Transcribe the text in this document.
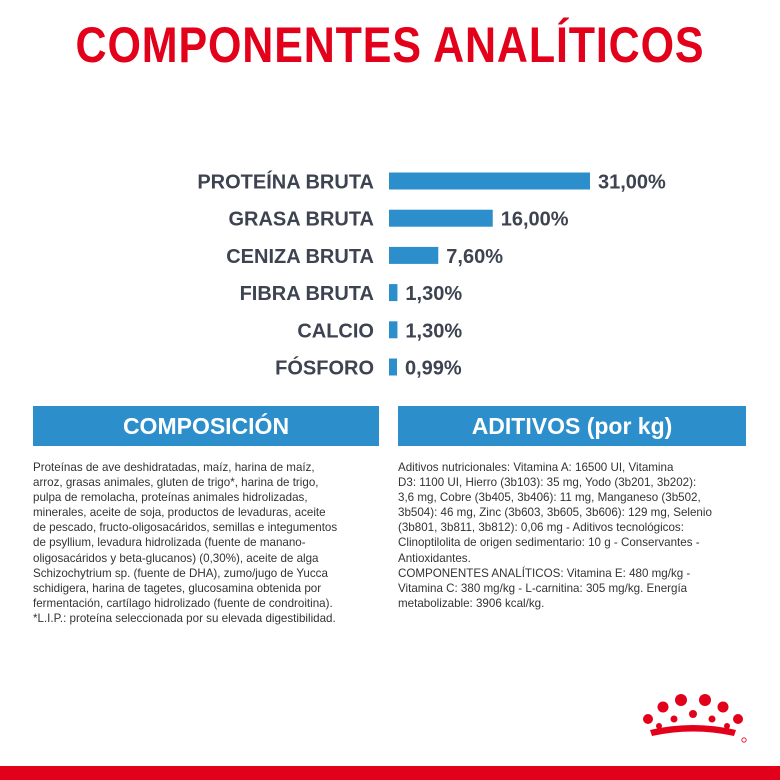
COMPONENTES ANALÍTICOS
PROTEÍNA BRUTA	31,00%
GRASA BRUTA	16,00%
CENIZA BRUTA	7,60%
FIBRA BRUTA 1,30%
CALCIO 1,30%
FÓSFORO 0,99%
COMPOSICIÓN	ADITIVOS (por kg)
Proteínas de ave deshidratadas, maíz, harina de maíz,
arroz, grasas animales, gluten de trigo*, harina de trigo,
pulpa de remolacha, proteínas animales hidrolizadas,
minerales, aceite de soja, productos de levaduras, aceite
de pescado, fructo-oligosacáridos, semillas e integumentos
de psyllium, levadura hidrolizada (fuente de manano-
oligosacáridos y beta-glucanos) (0,30%), aceite de alga
Schizochytrium sp. (fuente de DHA), zumo/jugo de Yucca
schidigera, harina de tagetes, glucosamina obtenida por
fermentación, cartílago hidrolizado (fuente de condroitina).
*L.I.P.: proteína seleccionada por su elevada digestibilidad.
Aditivos nutricionales: Vitamina A: 16500 UI, Vitamina
D3: 1100 UI, Hierro (3b103): 35 mg, Yodo (3b201, 3b202):
3,6 mg, Cobre (3b405, 3b406): 11 mg, Manganeso (3b502,
3b504): 46 mg, Zinc (3b603, 3b605, 3b606): 129 mg, Selenio
(3b801, 3b811, 3b812): 0,06 mg - Aditivos tecnológicos:
Clinoptilolita de origen sedimentario: 10 g - Conservantes -
Antioxidantes.
COMPONENTES ANALÍTICOS: Vitamina E: 480 mg/kg -
Vitamina C: 380 mg/kg - L-carnitina: 305 mg/kg. Energía
metabolizable: 3906 kcal/kg.
